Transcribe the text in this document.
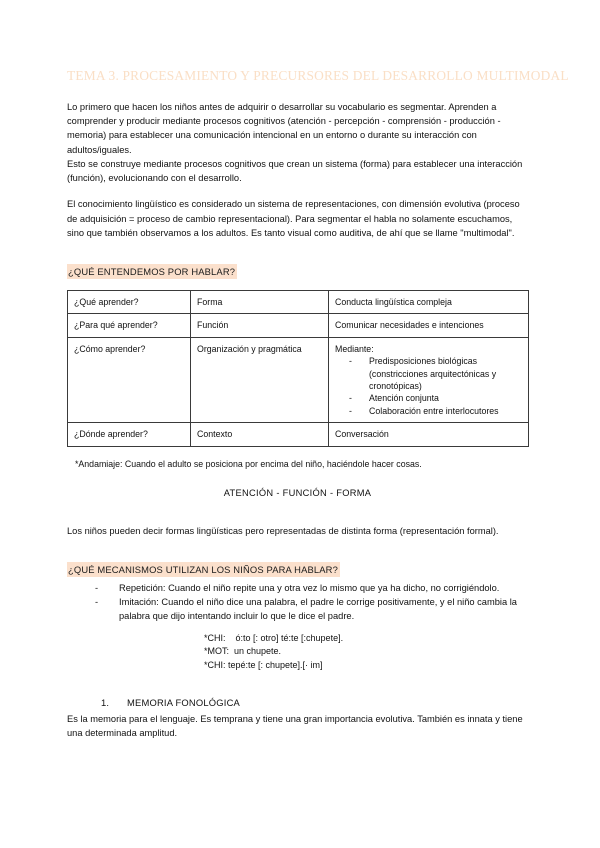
TEMA 3. PROCESAMIENTO Y PRECURSORES DEL DESARROLLO MULTIMODAL

Lo primero que hacen los niños antes de adquirir o desarrollar su vocabulario es segmentar. Aprenden a comprender y producir mediante procesos cognitivos (atención - percepción - comprensión - producción - memoria) para establecer una comunicación intencional en un entorno o durante su interacción con adultos/iguales.

Esto se construye mediante procesos cognitivos que crean un sistema (forma) para establecer una interacción (función), evolucionando con el desarrollo.

El conocimiento lingüístico es considerado un sistema de representaciones, con dimensión evolutiva (proceso de adquisición = proceso de cambio representacional). Para segmentar el habla no solamente escuchamos, sino que también observamos a los adultos. Es tanto visual como auditiva, de ahí que se llame "multimodal".

¿QUÉ ENTENDEMOS POR HABLAR?
¿Qué aprender?	Forma	Conducta lingüística compleja
¿Para qué aprender?	Función	Comunicar necesidades e intenciones
¿Cómo aprender?	Organización y pragmática	Mediante:
- Predisposiciones biológicas
(constricciones arquitectónicas y
cronotópicas)
- Atención conjunta
- Colaboración entre interlocutores

¿Dónde aprender?	Contexto	Conversación
*Andamiaje: Cuando el adulto se posiciona por encima del niño, haciéndole hacer cosas.
ATENCIÓN - FUNCIÓN - FORMA

Los niños pueden decir formas lingüísticas pero representadas de distinta forma (representación formal).

¿QUÉ MECANISMOS UTILIZAN LOS NIÑOS PARA HABLAR?
- Repetición: Cuando el niño repite una y otra vez lo mismo que ya ha dicho, no corrigiéndolo.
- Imitación: Cuando el niño dice una palabra, el padre le corrige positivamente, y el niño cambia la palabra que dijo intentando incluir lo que le dice el padre.
*CHI:    ó:to [: otro] té:te [:chupete].
*MOT:  un chupete.
*CHI: tepé:te [: chupete].[· im]
1. MEMORIA FONOLÓGICA

Es la memoria para el lenguaje. Es temprana y tiene una gran importancia evolutiva. También es innata y tiene una determinada amplitud.
